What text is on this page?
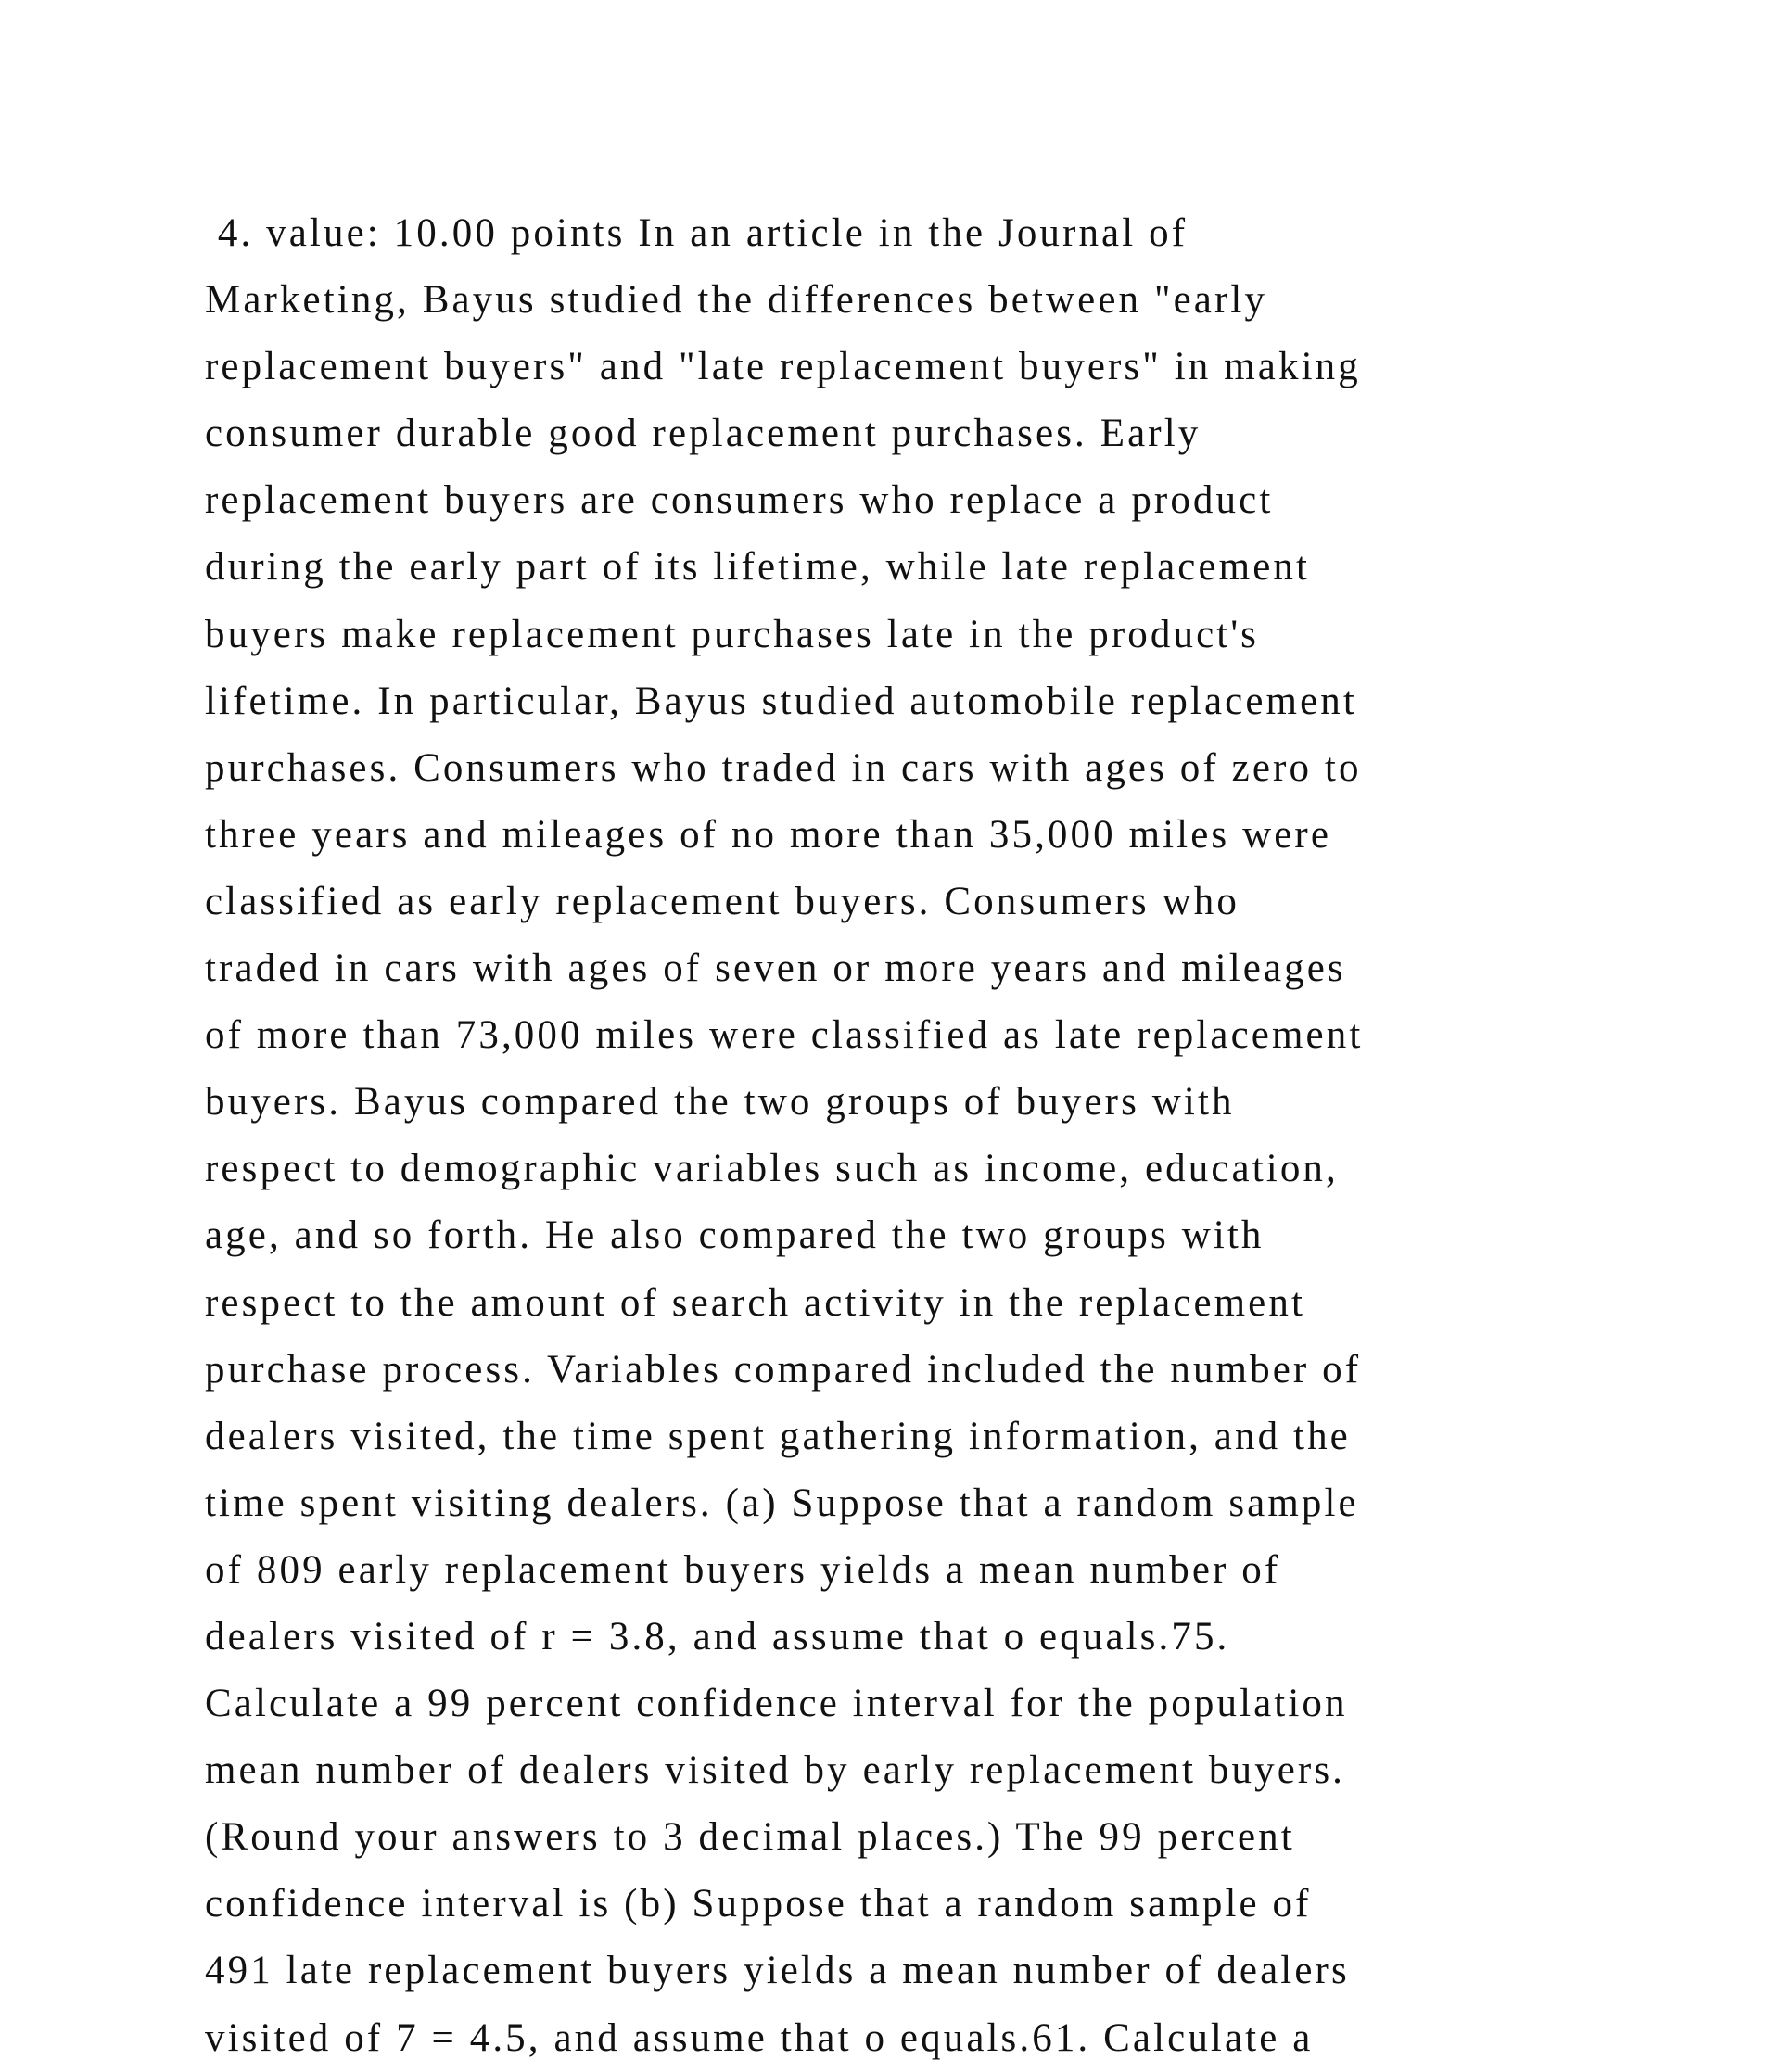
4. value: 10.00 points In an article in the Journal of
Marketing, Bayus studied the differences between "early
replacement buyers" and "late replacement buyers" in making
consumer durable good replacement purchases. Early
replacement buyers are consumers who replace a product
during the early part of its lifetime, while late replacement
buyers make replacement purchases late in the product's
lifetime. In particular, Bayus studied automobile replacement
purchases. Consumers who traded in cars with ages of zero to
three years and mileages of no more than 35,000 miles were
classified as early replacement buyers. Consumers who
traded in cars with ages of seven or more years and mileages
of more than 73,000 miles were classified as late replacement
buyers. Bayus compared the two groups of buyers with
respect to demographic variables such as income, education,
age, and so forth. He also compared the two groups with
respect to the amount of search activity in the replacement
purchase process. Variables compared included the number of
dealers visited, the time spent gathering information, and the
time spent visiting dealers. (a) Suppose that a random sample
of 809 early replacement buyers yields a mean number of
dealers visited of r = 3.8, and assume that o equals.75.
Calculate a 99 percent confidence interval for the population
mean number of dealers visited by early replacement buyers.
(Round your answers to 3 decimal places.) The 99 percent
confidence interval is (b) Suppose that a random sample of
491 late replacement buyers yields a mean number of dealers
visited of 7 = 4.5, and assume that o equals.61. Calculate a
